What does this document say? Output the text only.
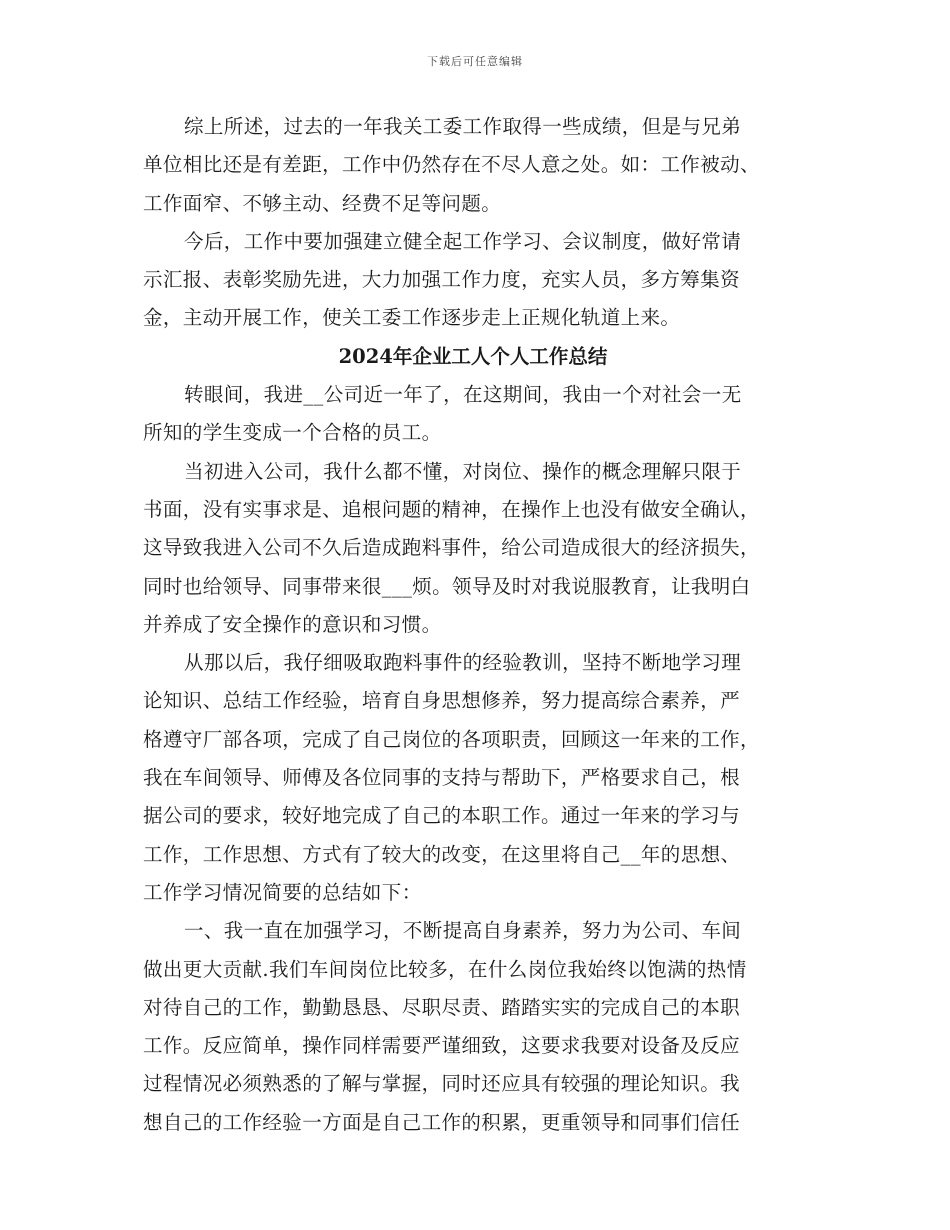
下载后可任意编辑
综上所述，过去的一年我关工委工作取得一些成绩，但是与兄弟
单位相比还是有差距，工作中仍然存在不尽人意之处。如：工作被动、
工作面窄、不够主动、经费不足等问题。
今后，工作中要加强建立健全起工作学习、会议制度，做好常请
示汇报、表彰奖励先进，大力加强工作力度，充实人员，多方筹集资
金，主动开展工作，使关工委工作逐步走上正规化轨道上来。
2024年企业工人个人工作总结
转眼间，我进__公司近一年了，在这期间，我由一个对社会一无
所知的学生变成一个合格的员工。
当初进入公司，我什么都不懂，对岗位、操作的概念理解只限于
书面，没有实事求是、追根问题的精神，在操作上也没有做安全确认，
这导致我进入公司不久后造成跑料事件，给公司造成很大的经济损失，
同时也给领导、同事带来很___烦。领导及时对我说服教育，让我明白
并养成了安全操作的意识和习惯。
从那以后，我仔细吸取跑料事件的经验教训，坚持不断地学习理
论知识、总结工作经验，培育自身思想修养，努力提高综合素养，严
格遵守厂部各项，完成了自己岗位的各项职责，回顾这一年来的工作，
我在车间领导、师傅及各位同事的支持与帮助下，严格要求自己，根
据公司的要求，较好地完成了自己的本职工作。通过一年来的学习与
工作，工作思想、方式有了较大的改变，在这里将自己__年的思想、
工作学习情况简要的总结如下：
一、我一直在加强学习，不断提高自身素养，努力为公司、车间
做出更大贡献.我们车间岗位比较多，在什么岗位我始终以饱满的热情
对待自己的工作，勤勤恳恳、尽职尽责、踏踏实实的完成自己的本职
工作。反应简单，操作同样需要严谨细致，这要求我要对设备及反应
过程情况必须熟悉的了解与掌握，同时还应具有较强的理论知识。我
想自己的工作经验一方面是自己工作的积累，更重领导和同事们信任
